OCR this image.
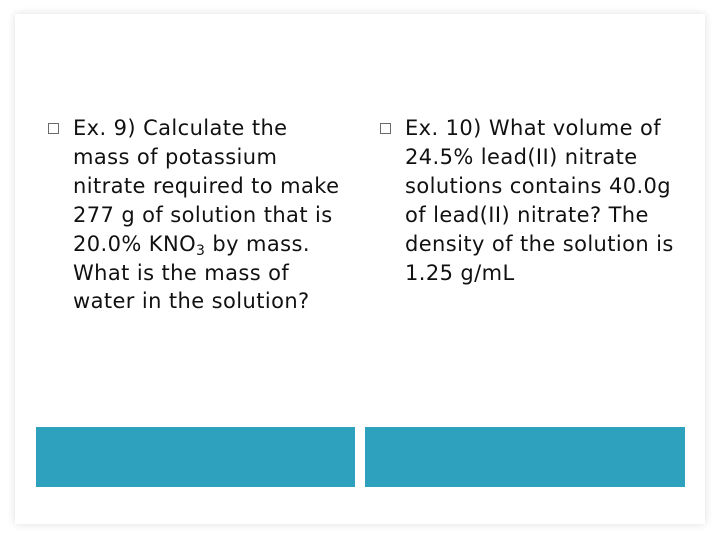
Ex. 9) Calculate the mass of potassium nitrate required to make 277 g of solution that is 20.0% $KNO_3$ by mass. What is the mass of water in the solution?
Ex. 10) What volume of 24.5% lead(II) nitrate solutions contains 40.0g of lead(II) nitrate? The density of the solution is 1.25 g/mL
